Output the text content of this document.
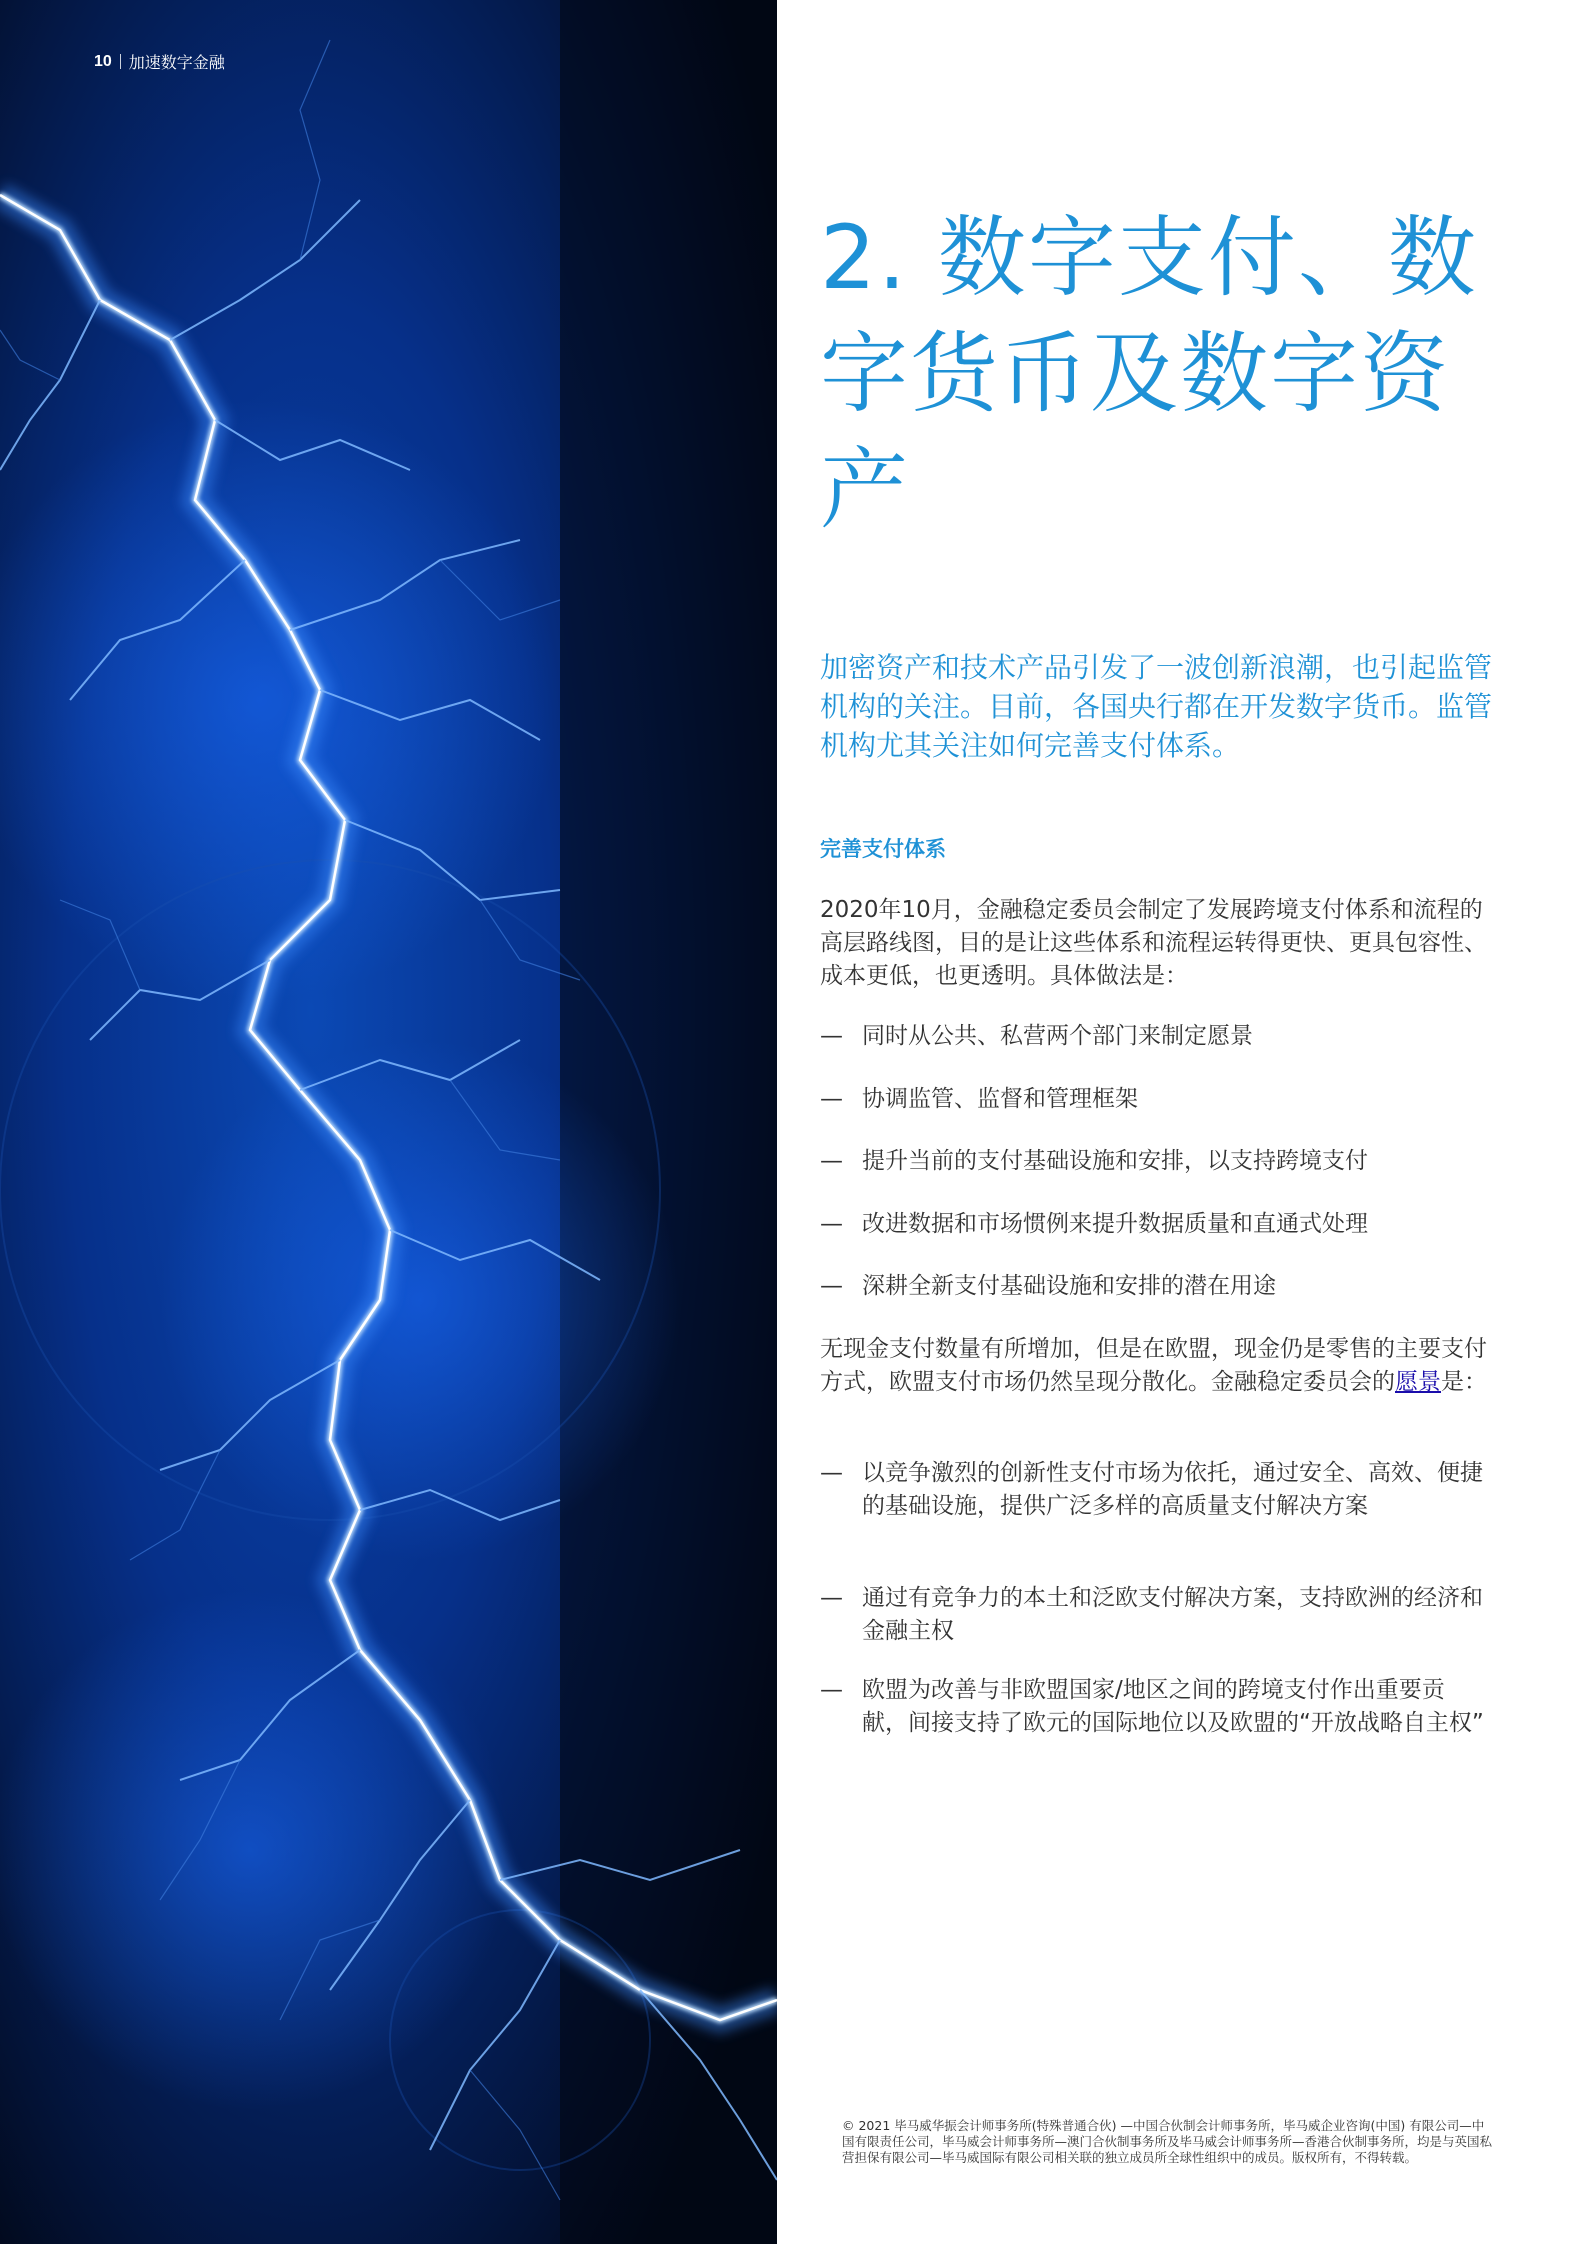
10 加速数字金融
2. 数字支付、数字货币及数字资产
加密资产和技术产品引发了一波创新浪潮，也引起监管机构的关注。目前，各国央行都在开发数字货币。监管机构尤其关注如何完善支付体系。
完善支付体系
2020年10月，金融稳定委员会制定了发展跨境支付体系和流程的高层路线图，目的是让这些体系和流程运转得更快、更具包容性、成本更低，也更透明。具体做法是：
— 同时从公共、私营两个部门来制定愿景
— 协调监管、监督和管理框架
— 提升当前的支付基础设施和安排，以支持跨境支付
— 改进数据和市场惯例来提升数据质量和直通式处理
— 深耕全新支付基础设施和安排的潜在用途
无现金支付数量有所增加，但是在欧盟，现金仍是零售的主要支付方式，欧盟支付市场仍然呈现分散化。金融稳定委员会的愿景是：
— 以竞争激烈的创新性支付市场为依托，通过安全、高效、便捷的基础设施，提供广泛多样的高质量支付解决方案
— 通过有竞争力的本土和泛欧支付解决方案，支持欧洲的经济和金融主权
— 欧盟为改善与非欧盟国家/地区之间的跨境支付作出重要贡献，间接支持了欧元的国际地位以及欧盟的“开放战略自主权”
© 2021 毕马威华振会计师事务所(特殊普通合伙) —中国合伙制会计师事务所，毕马威企业咨询(中国) 有限公司—中国有限责任公司，毕马威会计师事务所—澳门合伙制事务所及毕马威会计师事务所—香港合伙制事务所，均是与英国私营担保有限公司—毕马威国际有限公司相关联的独立成员所全球性组织中的成员。版权所有，不得转载。
